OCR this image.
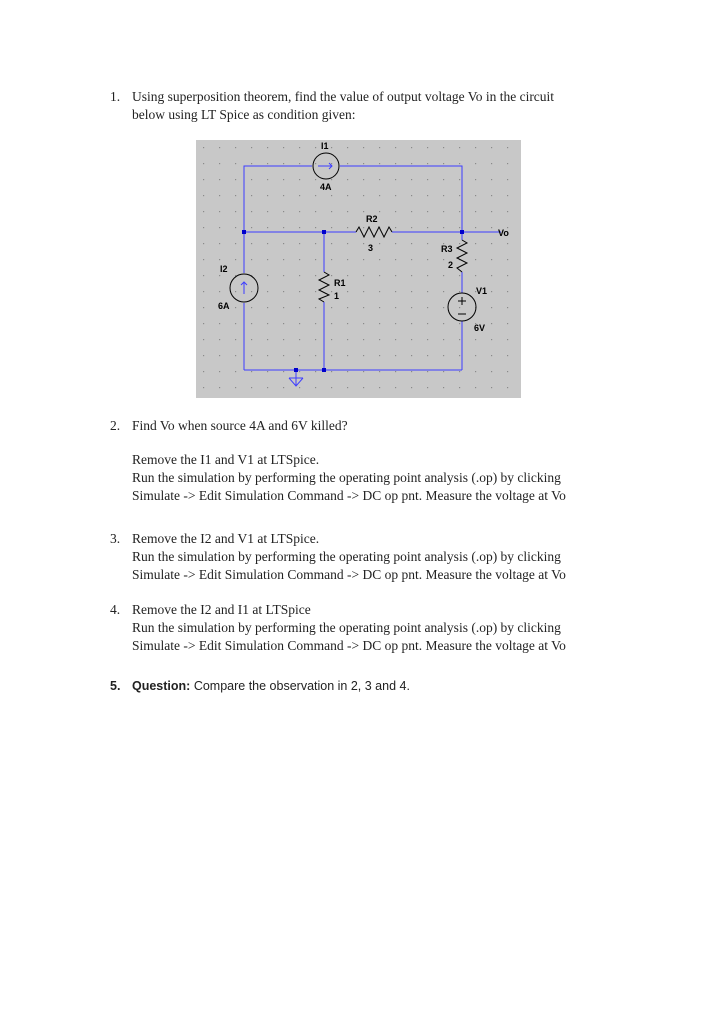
1. Using superposition theorem, find the value of output voltage Vo in the circuit
below using LT Spice as condition given:
I1
4A
I2
6A
R1
1
R2
3	R3
2
V1
6V
Vo
2. Find Vo when source 4A and 6V killed?
Remove the I1 and V1 at LTSpice.
Run the simulation by performing the operating point analysis (.op) by clicking
Simulate -> Edit Simulation Command -> DC op pnt. Measure the voltage at Vo
3. Remove the I2 and V1 at LTSpice.
Run the simulation by performing the operating point analysis (.op) by clicking
Simulate -> Edit Simulation Command -> DC op pnt. Measure the voltage at Vo
4. Remove the I2 and I1 at LTSpice
Run the simulation by performing the operating point analysis (.op) by clicking
Simulate -> Edit Simulation Command -> DC op pnt. Measure the voltage at Vo
5. Question: Compare the observation in 2, 3 and 4.
